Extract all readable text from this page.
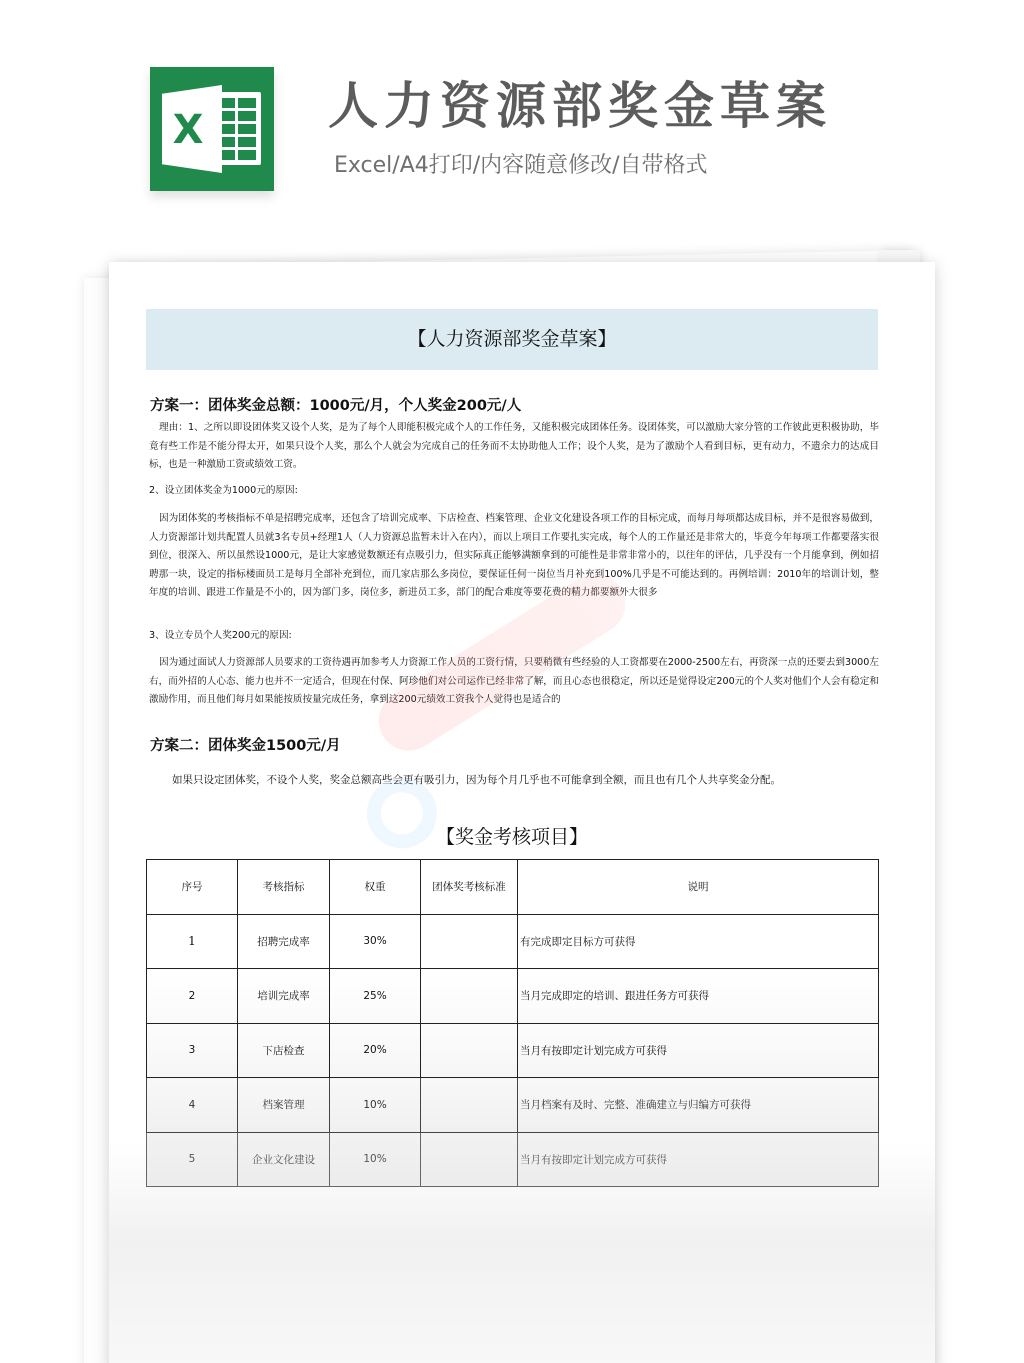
X 人力资源部奖金草案
Excel/A4打印/内容随意修改/自带格式
【人力资源部奖金草案】
方案一：团体奖金总额：1000元/月，个人奖金200元/人
理由：1、之所以即设团体奖又设个人奖，是为了每个人即能积极完成个人的工作任务，又能积极完成团体任务。设团体奖，可以激励大家分管的工作彼此更积极协助，毕竟有些工作是不能分得太开，如果只设个人奖，那么个人就会为完成自己的任务而不太协助他人工作；设个人奖，是为了激励个人看到目标，更有动力，不遗余力的达成目标，也是一种激励工资或绩效工资。
2、设立团体奖金为1000元的原因:
因为团体奖的考核指标不单是招聘完成率，还包含了培训完成率、下店检查、档案管理、企业文化建设各项工作的目标完成，而每月每项都达成目标，并不是很容易做到，人力资源部计划共配置人员就3名专员+经理1人（人力资源总监暂未计入在内），而以上项目工作要扎实完成，每个人的工作量还是非常大的，毕竟今年每项工作都要落实很到位，很深入、所以虽然设1000元，是让大家感觉数额还有点吸引力，但实际真正能够满额拿到的可能性是非常非常小的，以往年的评估，几乎没有一个月能拿到，例如招聘那一块，设定的指标楼面员工是每月全部补充到位，而几家店那么多岗位，要保证任何一岗位当月补充到100%几乎是不可能达到的。再例培训：2010年的培训计划，整年度的培训、跟进工作量是不小的，因为部门多，岗位多，新进员工多，部门的配合难度等要花费的精力都要额外大很多
3、设立专员个人奖200元的原因:
因为通过面试人力资源部人员要求的工资待遇再加参考人力资源工作人员的工资行情，只要稍微有些经验的人工资都要在2000-2500左右，再资深一点的还要去到3000左右，而外招的人心态、能力也并不一定适合，但现在付保、阿珍他们对公司运作已经非常了解，而且心态也很稳定，所以还是觉得设定200元的个人奖对他们个人会有稳定和激励作用，而且他们每月如果能按质按量完成任务，拿到这200元绩效工资我个人觉得也是适合的
方案二：团体奖金1500元/月
如果只设定团体奖，不设个人奖，奖金总额高些会更有吸引力，因为每个月几乎也不可能拿到全额，而且也有几个人共享奖金分配。
【奖金考核项目】
序号	考核指标	权重	团体奖考核标准	说明
1	招聘完成率	30%		有完成即定目标方可获得
2	培训完成率	25%		当月完成即定的培训、跟进任务方可获得
3	下店检查	20%		当月有按即定计划完成方可获得
4	档案管理	10%		当月档案有及时、完整、准确建立与归编方可获得
5	企业文化建设	10%		当月有按即定计划完成方可获得
